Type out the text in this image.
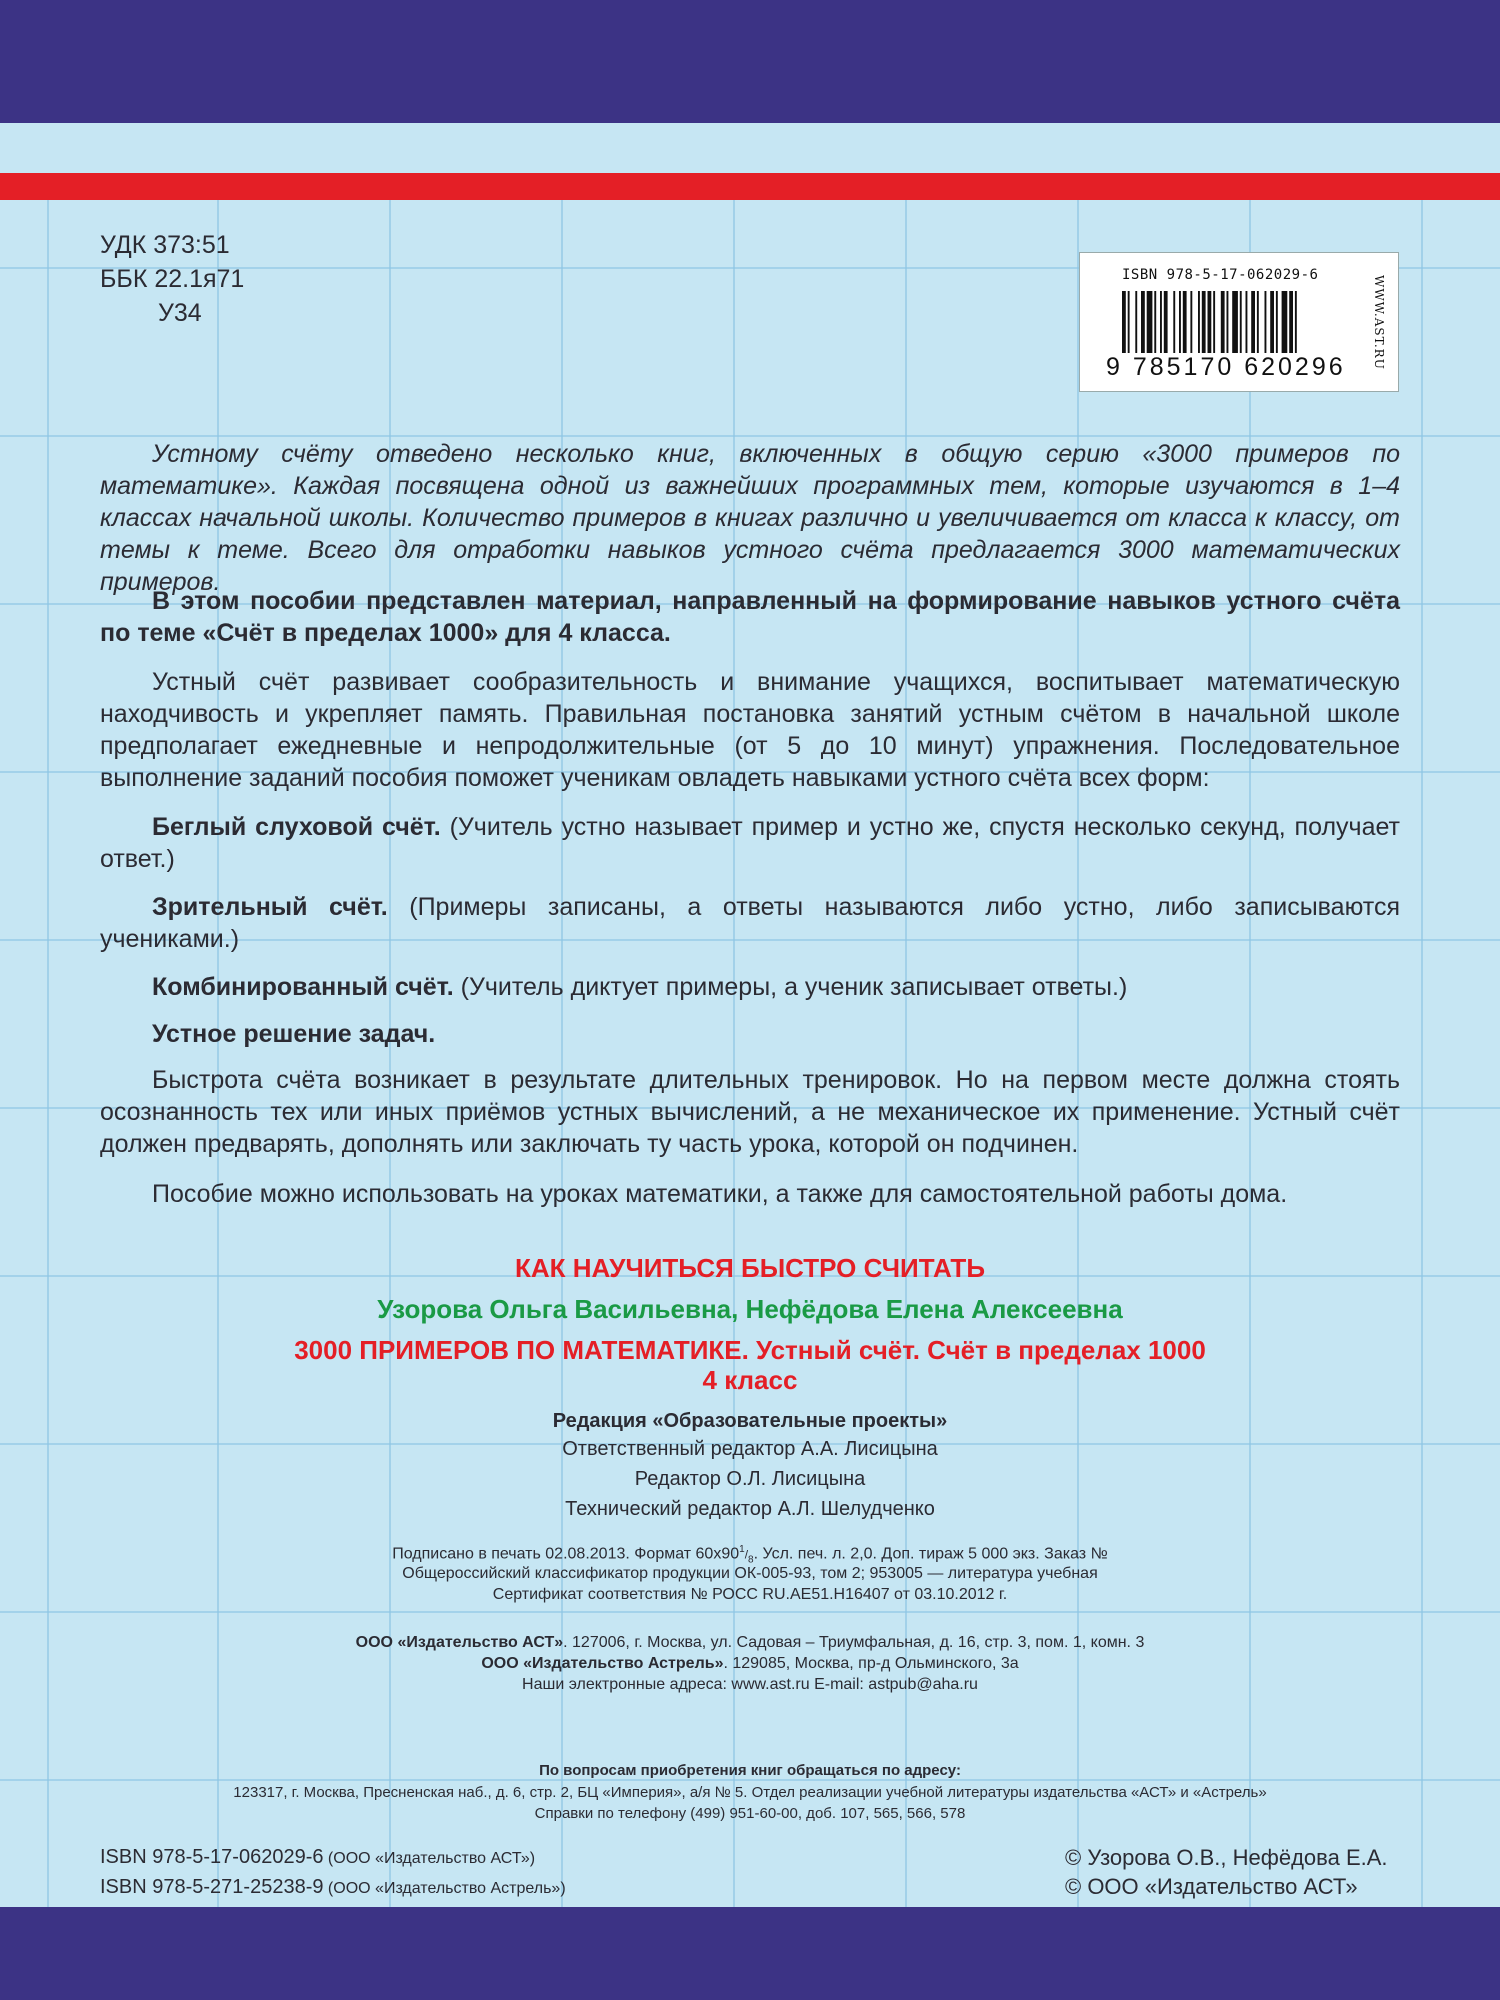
УДК 373:51
ББК 22.1я71
У34
ISBN 978-5-17-062029-6
9 785170 620296	WWW.AST.RU

Устному счёту отведено несколько книг, включенных в общую серию «3000 примеров по математике». Каждая посвящена одной из важнейших программных тем, которые изучаются в 1–4 классах начальной школы. Количество примеров в книгах различно и увеличивается от класса к классу, от темы к теме. Всего для отработки навыков устного счёта предлагается 3000 математических примеров.

В этом пособии представлен материал, направленный на формирование навыков устного счёта по теме «Счёт в пределах 1000» для 4 класса.

Устный счёт развивает сообразительность и внимание учащихся, воспитывает математическую находчивость и укрепляет память. Правильная постановка занятий устным счётом в начальной школе предполагает ежедневные и непродолжительные (от 5 до 10 минут) упражнения. Последовательное выполнение заданий пособия поможет ученикам овладеть навыками устного счёта всех форм:

Беглый слуховой счёт. (Учитель устно называет пример и устно же, спустя несколько секунд, получает ответ.)

Зрительный счёт. (Примеры записаны, а ответы называются либо устно, либо записываются учениками.)

Комбинированный счёт. (Учитель диктует примеры, а ученик записывает ответы.)

Устное решение задач.

Быстрота счёта возникает в результате длительных тренировок. Но на первом месте должна стоять осознанность тех или иных приёмов устных вычислений, а не механическое их применение. Устный счёт должен предварять, дополнять или заключать ту часть урока, которой он подчинен.

Пособие можно использовать на уроках математики, а также для самостоятельной работы дома.

КАК НАУЧИТЬСЯ БЫСТРО СЧИТАТЬ
Узорова Ольга Васильевна, Нефёдова Елена Алексеевна
3000 ПРИМЕРОВ ПО МАТЕМАТИКЕ. Устный счёт. Счёт в пределах 1000
4 класс
Редакция «Образовательные проекты»
Ответственный редактор А.А. Лисицына
Редактор О.Л. Лисицына
Технический редактор А.Л. Шелудченко
Подписано в печать 02.08.2013. Формат $60x90^1/_8$. Усл. печ. л. 2,0. Доп. тираж 5 000 экз. Заказ №
Общероссийский классификатор продукции ОК-005-93, том 2; 953005 — литература учебная
Сертификат соответствия № РОСС RU.AE51.H16407 от 03.10.2012 г.
ООО «Издательство АСТ». 127006, г. Москва, ул. Садовая – Триумфальная, д. 16, стр. 3, пом. 1, комн. 3
ООО «Издательство Астрель». 129085, Москва, пр-д Ольминского, 3а
Наши электронные адреса: www.ast.ru E-mail: astpub@aha.ru
По вопросам приобретения книг обращаться по адресу:
123317, г. Москва, Пресненская наб., д. 6, стр. 2, БЦ «Империя», а/я № 5. Отдел реализации учебной литературы издательства «АСТ» и «Астрель»
Справки по телефону (499) 951-60-00, доб. 107, 565, 566, 578
ISBN 978-5-17-062029-6 (ООО «Издательство АСТ»)
ISBN 978-5-271-25238-9 (ООО «Издательство Астрель»)
© Узорова О.В., Нефёдова Е.А.
© ООО «Издательство АСТ»
